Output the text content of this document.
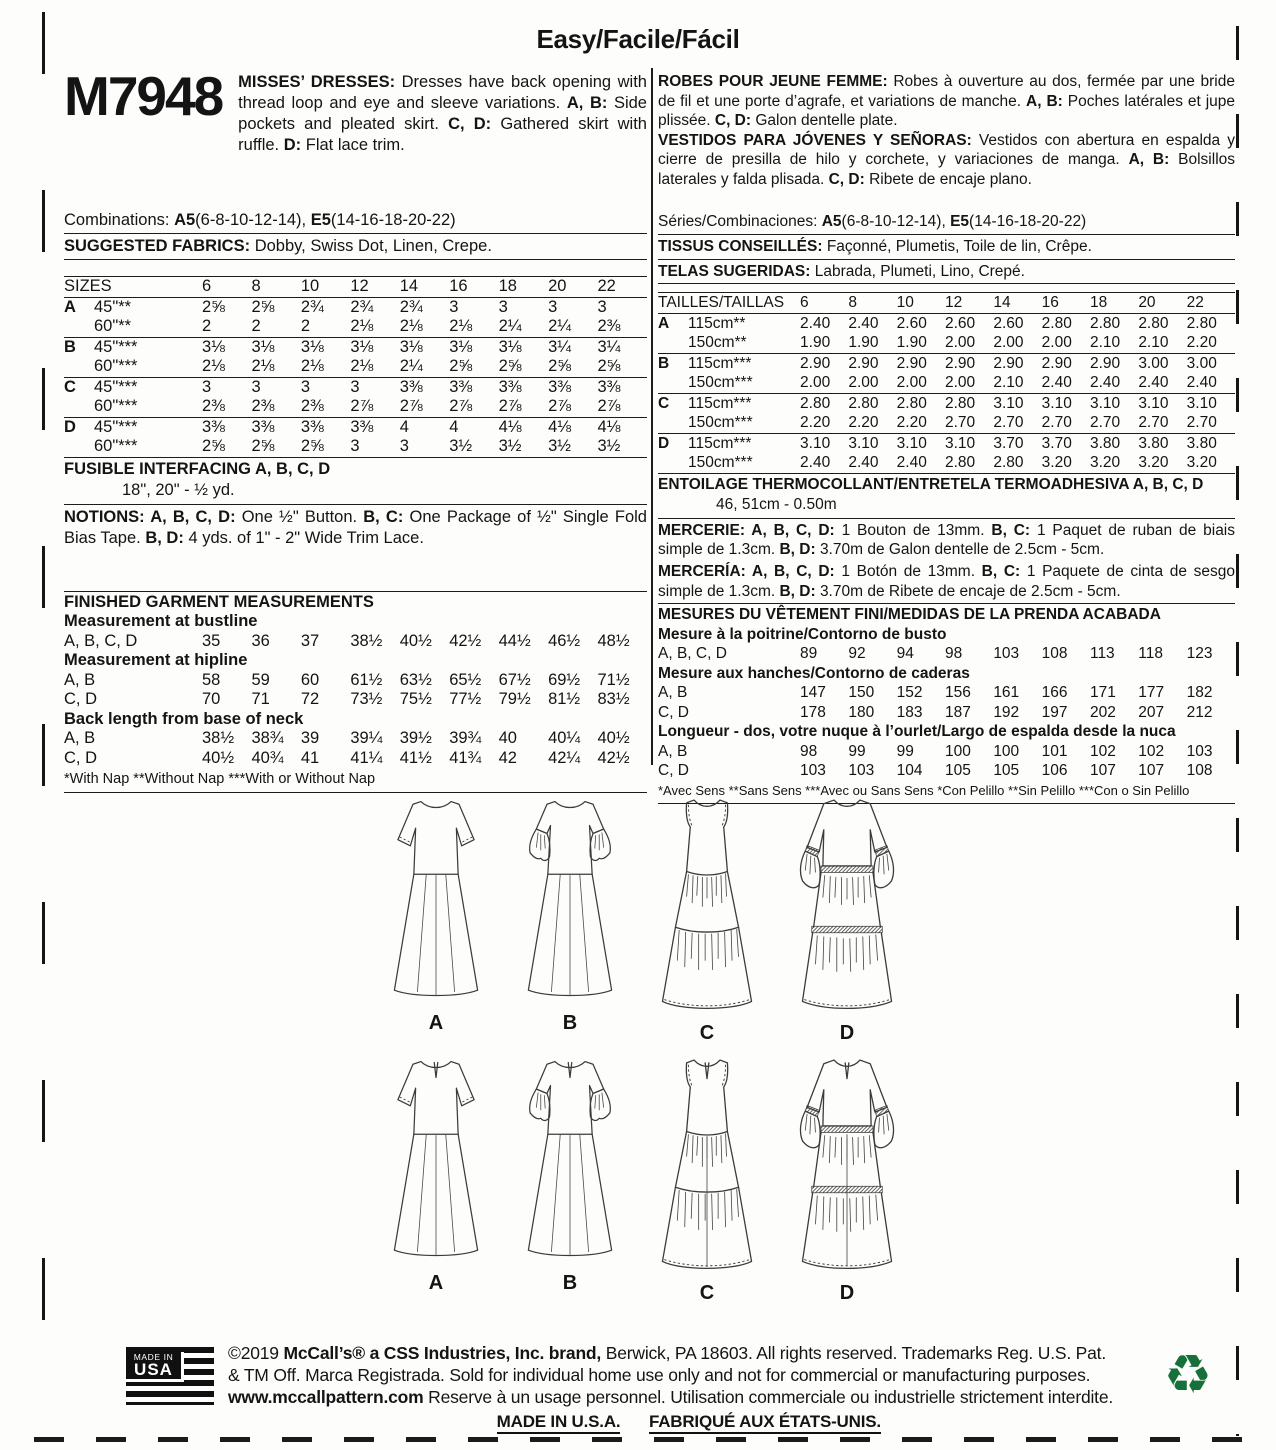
Easy/Facile/Fácil
M7948 MISSES’ DRESSES: Dresses have back opening with thread loop and eye and sleeve variations. A, B: Side pockets and pleated skirt. C, D: Gathered skirt with ruffle. D: Flat lace trim.
Combinations: A5(6-8-10-12-14), E5(14-16-18-20-22)
SUGGESTED FABRICS: Dobby, Swiss Dot, Linen, Crepe.
SIZES		6	8	10	12	14	16	18	20	22
A	45"**	2⅝	2⅝	2¾	2¾	2¾	3	3	3	3
	60"**	2	2	2	2⅛	2⅛	2⅛	2¼	2¼	2⅜
B	45"***	3⅛	3⅛	3⅛	3⅛	3⅛	3⅛	3⅛	3¼	3¼
	60"***	2⅛	2⅛	2⅛	2⅛	2¼	2⅝	2⅝	2⅝	2⅝
C	45"***	3	3	3	3	3⅜	3⅜	3⅜	3⅜	3⅜
	60"***	2⅜	2⅜	2⅜	2⅞	2⅞	2⅞	2⅞	2⅞	2⅞
D	45"***	3⅜	3⅜	3⅜	3⅜	4	4	4⅛	4⅛	4⅛
	60"***	2⅝	2⅝	2⅝	3	3	3½	3½	3½	3½
FUSIBLE INTERFACING A, B, C, D
18", 20" - ½ yd.

NOTIONS: A, B, C, D: One ½" Button. B, C: One Package of ½" Single Fold Bias Tape. B, D: 4 yds. of 1" - 2" Wide Trim Lace.

FINISHED GARMENT MEASUREMENTS									
Measurement at bustline									
A, B, C, D	35	36	37	38½	40½	42½	44½	46½	48½
Measurement at hipline									
A, B	58	59	60	61½	63½	65½	67½	69½	71½
C, D	70	71	72	73½	75½	77½	79½	81½	83½
Back length from base of neck									
A, B	38½	38¾	39	39¼	39½	39¾	40	40¼	40½
C, D	40½	40¾	41	41¼	41½	41¾	42	42¼	42½
*With Nap **Without Nap ***With or Without Nap
ROBES POUR JEUNE FEMME: Robes à ouverture au dos, fermée par une bride de fil et une porte d’agrafe, et variations de manche. A, B: Poches latérales et jupe plissée. C, D: Galon dentelle plate.
VESTIDOS PARA JÓVENES Y SEÑORAS: Vestidos con abertura en espalda y cierre de presilla de hilo y corchete, y variaciones de manga. A, B: Bolsillos laterales y falda plisada. C, D: Ribete de encaje plano.
Séries/Combinaciones: A5(6-8-10-12-14), E5(14-16-18-20-22)
TISSUS CONSEILLÉS: Façonné, Plumetis, Toile de lin, Crêpe.
TELAS SUGERIDAS: Labrada, Plumeti, Lino, Crepé.
TAILLES/TAILLAS		6	8	10	12	14	16	18	20	22
A	115cm**	2.40	2.40	2.60	2.60	2.60	2.80	2.80	2.80	2.80
	150cm**	1.90	1.90	1.90	2.00	2.00	2.00	2.10	2.10	2.20
B	115cm***	2.90	2.90	2.90	2.90	2.90	2.90	2.90	3.00	3.00
	150cm***	2.00	2.00	2.00	2.00	2.10	2.40	2.40	2.40	2.40
C	115cm***	2.80	2.80	2.80	2.80	3.10	3.10	3.10	3.10	3.10
	150cm***	2.20	2.20	2.20	2.70	2.70	2.70	2.70	2.70	2.70
D	115cm***	3.10	3.10	3.10	3.10	3.70	3.70	3.80	3.80	3.80
	150cm***	2.40	2.40	2.40	2.80	2.80	3.20	3.20	3.20	3.20
ENTOILAGE THERMOCOLLANT/ENTRETELA TERMOADHESIVA A, B, C, D
46, 51cm - 0.50m

MERCERIE: A, B, C, D: 1 Bouton de 13mm. B, C: 1 Paquet de ruban de biais simple de 1.3cm. B, D: 3.70m de Galon dentelle de 2.5cm - 5cm.

MERCERÍA: A, B, C, D: 1 Botón de 13mm. B, C: 1 Paquete de cinta de sesgo simple de 1.3cm. B, D: 3.70m de Ribete de encaje de 2.5cm - 5cm.

MESURES DU VÊTEMENT FINI/MEDIDAS DE LA PRENDA ACABADA									
Mesure à la poitrine/Contorno de busto									
A, B, C, D	89	92	94	98	103	108	113	118	123
Mesure aux hanches/Contorno de caderas									
A, B	147	150	152	156	161	166	171	177	182
C, D	178	180	183	187	192	197	202	207	212
Longueur - dos, votre nuque à l’ourlet/Largo de espalda desde la nuca									
A, B	98	99	99	100	100	101	102	102	103
C, D	103	103	104	105	105	106	107	107	108
*Avec Sens **Sans Sens ***Avec ou Sans Sens *Con Pelillo **Sin Pelillo ***Con o Sin Pelillo
A	B	C	D
A	B	C	D
MADE IN
USA
©2019 McCall’s® a CSS Industries, Inc. brand, Berwick, PA 18603. All rights reserved. Trademarks Reg. U.S. Pat.
& TM Off. Marca Registrada. Sold for individual home use only and not for commercial or manufacturing purposes.
www.mccallpattern.com Reserve à un usage personnel. Utilisation commerciale ou industrielle strictement interdite.
MADE IN U.S.A. FABRIQUÉ AUX ÉTATS-UNIS.
♻
